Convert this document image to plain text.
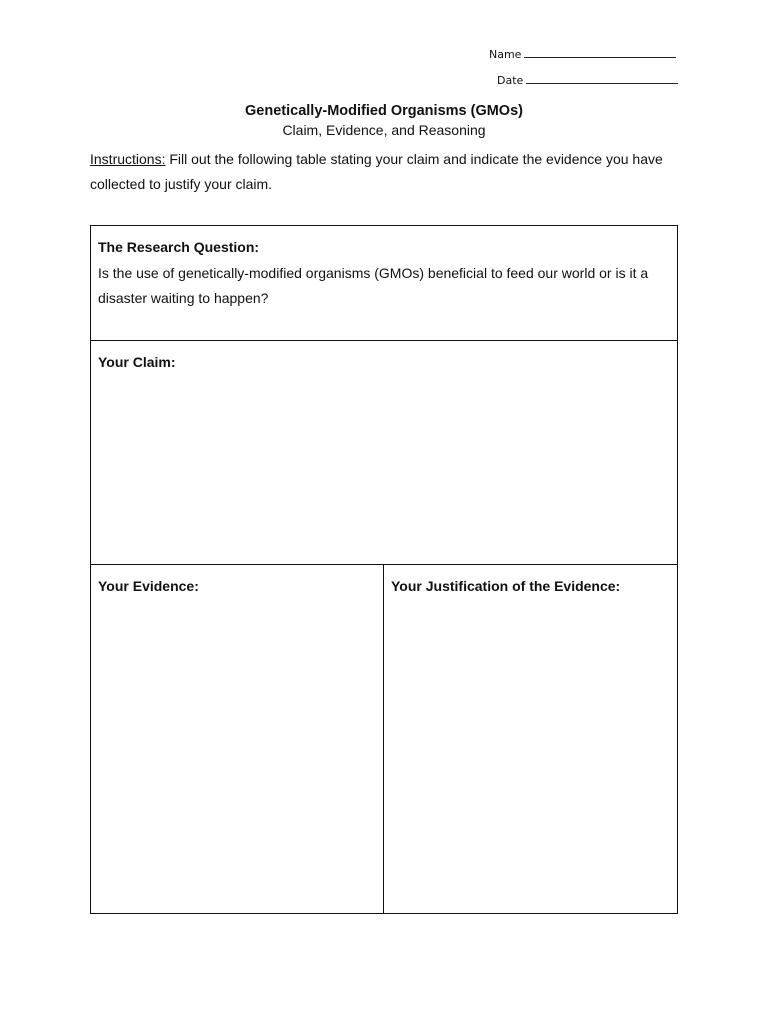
Name
Date
Genetically-Modified Organisms (GMOs)
Claim, Evidence, and Reasoning
Instructions: Fill out the following table stating your claim and indicate the evidence you have collected to justify your claim.
The Research Question:
Is the use of genetically-modified organisms (GMOs) beneficial to feed our world or is it a disaster waiting to happen?
Your Claim:
Your Evidence:	Your Justification of the Evidence:
